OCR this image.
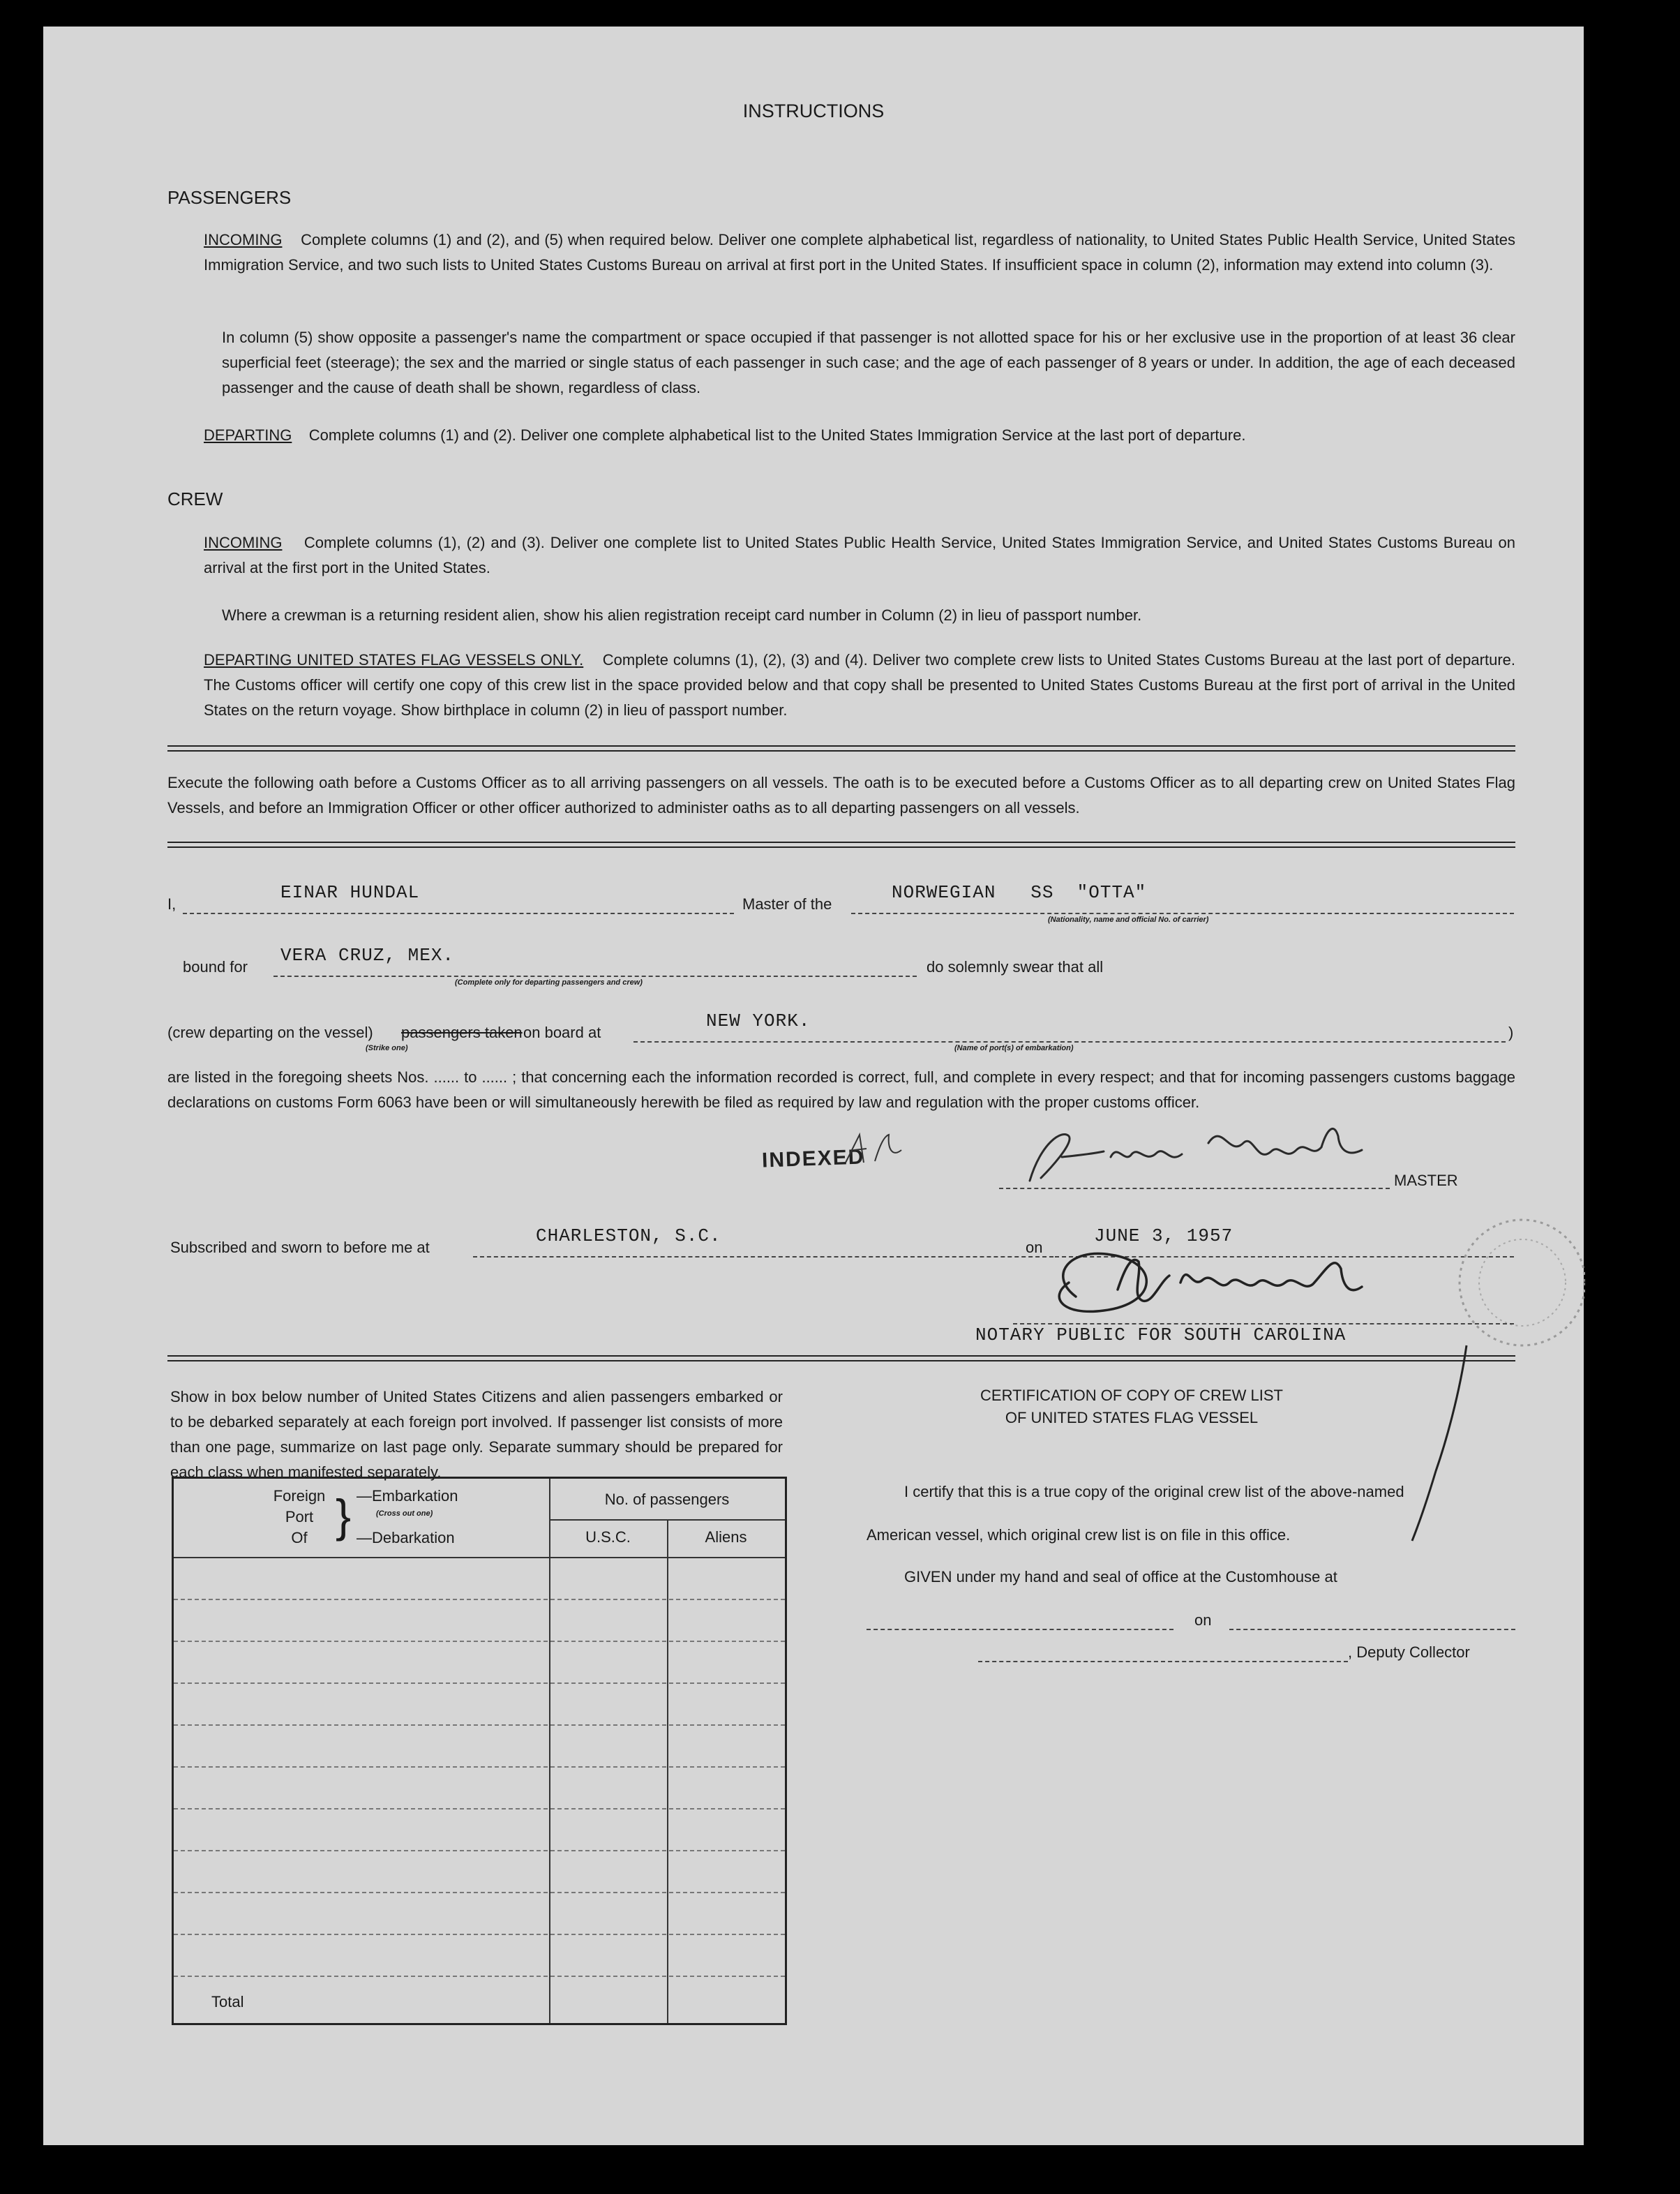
INSTRUCTIONS
PASSENGERS
INCOMING Complete columns (1) and (2), and (5) when required below. Deliver one complete alphabetical list, regardless of nationality, to United States Public Health Service, United States Immigration Service, and two such lists to United States Customs Bureau on arrival at first port in the United States. If insufficient space in column (2), information may extend into column (3).
In column (5) show opposite a passenger's name the compartment or space occupied if that passenger is not allotted space for his or her exclusive use in the proportion of at least 36 clear superficial feet (steerage); the sex and the married or single status of each passenger in such case; and the age of each passenger of 8 years or under. In addition, the age of each deceased passenger and the cause of death shall be shown, regardless of class.
DEPARTING Complete columns (1) and (2). Deliver one complete alphabetical list to the United States Immigration Service at the last port of departure.
CREW
INCOMING Complete columns (1), (2) and (3). Deliver one complete list to United States Public Health Service, United States Immigration Service, and United States Customs Bureau on arrival at the first port in the United States.
Where a crewman is a returning resident alien, show his alien registration receipt card number in Column (2) in lieu of passport number.
DEPARTING UNITED STATES FLAG VESSELS ONLY. Complete columns (1), (2), (3) and (4). Deliver two complete crew lists to United States Customs Bureau at the last port of departure. The Customs officer will certify one copy of this crew list in the space provided below and that copy shall be presented to United States Customs Bureau at the first port of arrival in the United States on the return voyage. Show birthplace in column (2) in lieu of passport number.
Execute the following oath before a Customs Officer as to all arriving passengers on all vessels. The oath is to be executed before a Customs Officer as to all departing crew on United States Flag Vessels, and before an Immigration Officer or other officer authorized to administer oaths as to all departing passengers on all vessels.
I,
EINAR HUNDAL
Master of the
NORWEGIAN   SS  "OTTA"
(Nationality, name and official No. of carrier)
bound for
VERA CRUZ, MEX.
(Complete only for departing passengers and crew)
do solemnly swear that all
(crew departing on the vessel) passengers taken
(Strike one)
on board at
NEW YORK.
(Name of port(s) of embarkation)
)
are listed in the foregoing sheets Nos. ...... to ...... ; that concerning each the information recorded is correct, full, and complete in every respect; and that for incoming passengers customs baggage declarations on customs Form 6063 have been or will simultaneously herewith be filed as required by law and regulation with the proper customs officer.
INDEXED
MASTER
Subscribed and sworn to before me at
CHARLESTON, S.C.
on
JUNE 3, 1957
NOTARY PUBLIC FOR SOUTH CAROLINA
Show in box below number of United States Citizens and alien passengers embarked or to be debarked separately at each foreign port involved. If passenger list consists of more than one page, summarize on last page only. Separate summary should be prepared for each class when manifested separately.
Foreign
Port
Of } —Embarkation
(Cross out one)
—Debarkation
No. of passengers
U.S.C.	Aliens
Total
CERTIFICATION OF COPY OF CREW LIST
OF UNITED STATES FLAG VESSEL
I certify that this is a true copy of the original crew list of the above-named
American vessel, which original crew list is on file in this office.
GIVEN under my hand and seal of office at the Customhouse at
on
, Deputy Collector
